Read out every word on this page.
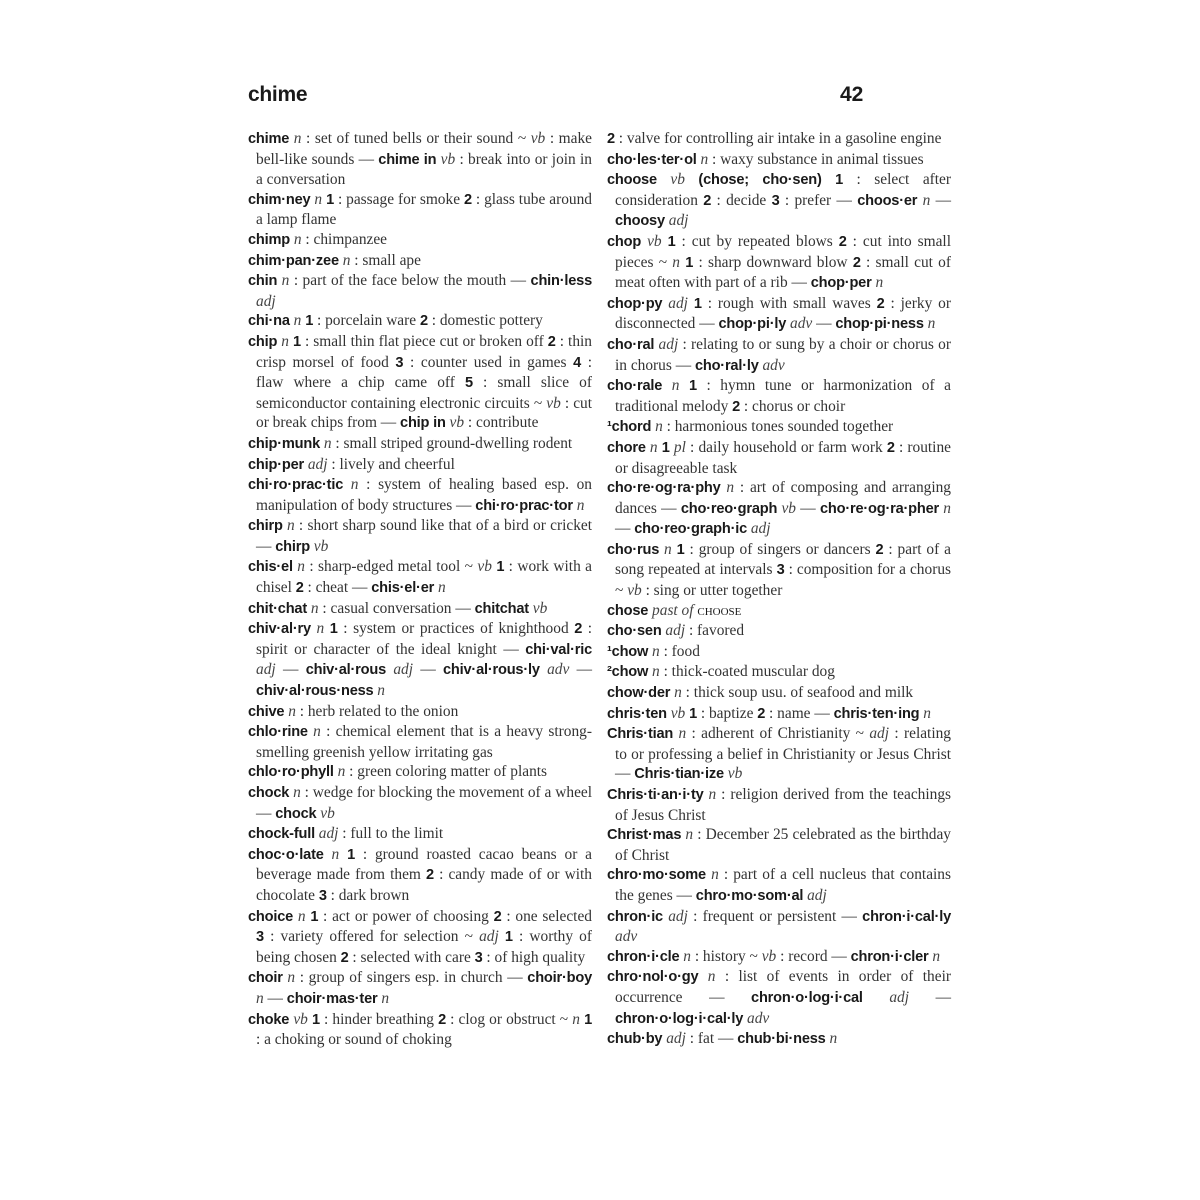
chime	42

chime n : set of tuned bells or their sound ~ vb : make bell-like sounds — chime in vb : break into or join in a conversation

chim·ney n 1 : passage for smoke 2 : glass tube around a lamp flame

chimp n : chimpanzee

chim·pan·zee n : small ape

chin n : part of the face below the mouth — chin·less adj

chi·na n 1 : porcelain ware 2 : domestic pottery

chip n 1 : small thin flat piece cut or broken off 2 : thin crisp morsel of food 3 : counter used in games 4 : flaw where a chip came off 5 : small slice of semiconductor containing electronic circuits ~ vb : cut or break chips from — chip in vb : contribute

chip·munk n : small striped ground-dwelling rodent

chip·per adj : lively and cheerful

chi·ro·prac·tic n : system of healing based esp. on manipulation of body structures — chi·ro·prac·tor n

chirp n : short sharp sound like that of a bird or cricket — chirp vb

chis·el n : sharp-edged metal tool ~ vb 1 : work with a chisel 2 : cheat — chis·el·er n

chit·chat n : casual conversation — chitchat vb

chiv·al·ry n 1 : system or practices of knighthood 2 : spirit or character of the ideal knight — chi·val·ric adj — chiv·al·rous adj — chiv·al·rous·ly adv — chiv·al·rous·ness n

chive n : herb related to the onion

chlo·rine n : chemical element that is a heavy strong-smelling greenish yellow irritating gas

chlo·ro·phyll n : green coloring matter of plants

chock n : wedge for blocking the movement of a wheel — chock vb

chock-full adj : full to the limit

choc·o·late n 1 : ground roasted cacao beans or a beverage made from them 2 : candy made of or with chocolate 3 : dark brown

choice n 1 : act or power of choosing 2 : one selected 3 : variety offered for selection ~ adj 1 : worthy of being chosen 2 : selected with care 3 : of high quality

choir n : group of singers esp. in church — choir·boy n — choir·mas·ter n

choke vb 1 : hinder breathing 2 : clog or obstruct ~ n 1 : a choking or sound of choking

2 : valve for controlling air intake in a gasoline engine

cho·les·ter·ol n : waxy substance in animal tissues

choose vb (chose; cho·sen) 1 : select after consideration 2 : decide 3 : prefer — choos·er n — choosy adj

chop vb 1 : cut by repeated blows 2 : cut into small pieces ~ n 1 : sharp downward blow 2 : small cut of meat often with part of a rib — chop·per n

chop·py adj 1 : rough with small waves 2 : jerky or disconnected — chop·pi·ly adv — chop·pi·ness n

cho·ral adj : relating to or sung by a choir or chorus or in chorus — cho·ral·ly adv

cho·rale n 1 : hymn tune or harmonization of a traditional melody 2 : chorus or choir

¹chord n : harmonious tones sounded together

chore n 1 pl : daily household or farm work 2 : routine or disagreeable task

cho·re·og·ra·phy n : art of composing and arranging dances — cho·reo·graph vb — cho·re·og·ra·pher n — cho·reo·graph·ic adj

cho·rus n 1 : group of singers or dancers 2 : part of a song repeated at intervals 3 : composition for a chorus ~ vb : sing or utter together

chose past of choose

cho·sen adj : favored

¹chow n : food

²chow n : thick-coated muscular dog

chow·der n : thick soup usu. of seafood and milk

chris·ten vb 1 : baptize 2 : name — chris·ten·ing n

Chris·tian n : adherent of Christianity ~ adj : relating to or professing a belief in Christianity or Jesus Christ — Chris·tian·ize vb

Chris·ti·an·i·ty n : religion derived from the teachings of Jesus Christ

Christ·mas n : December 25 celebrated as the birthday of Christ

chro·mo·some n : part of a cell nucleus that contains the genes — chro·mo·som·al adj

chron·ic adj : frequent or persistent — chron·i·cal·ly adv

chron·i·cle n : history ~ vb : record — chron·i·cler n

chro·nol·o·gy n : list of events in order of their occurrence — chron·o·log·i·cal adj — chron·o·log·i·cal·ly adv

chub·by adj : fat — chub·bi·ness n
